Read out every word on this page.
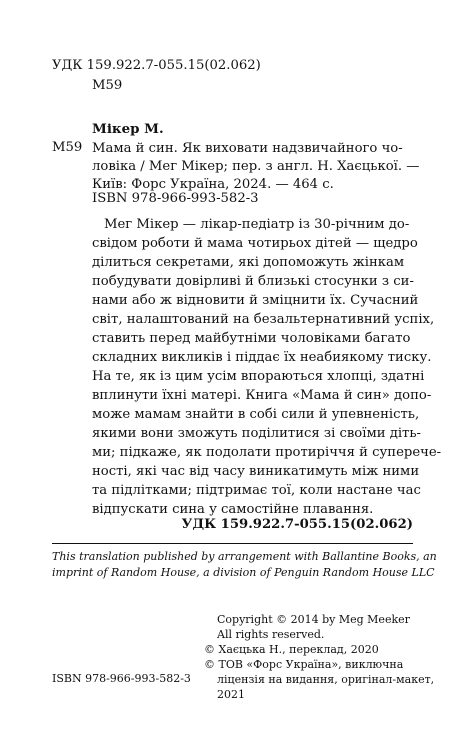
УДК 159.922.7-055.15(02.062)
М59
Мікер М.
М59 Мама й син. Як виховати надзвичайного чо-
ловіка / Мег Мікер; пер. з англ. Н. Хаєцької. —
Київ: Форс Україна, 2024. — 464 с.
ISBN 978-966-993-582-3
Мег Мікер — лікар-педіатр із 30-річним до-
свідом роботи й мама чотирьох дітей — щедро
ділиться секретами, які допоможуть жінкам
побудувати довірливі й близькі стосунки з си-
нами або ж відновити й зміцнити їх. Сучасний
світ, налаштований на безальтернативний успіх,
ставить перед майбутніми чоловіками багато
складних викликів і піддає їх неабиякому тиску.
На те, як із цим усім впораються хлопці, здатні
вплинути їхні матері. Книга «Мама й син» допо-
може мамам знайти в собі сили й упевненість,
якими вони зможуть поділитися зі своїми діть-
ми; підкаже, як подолати протиріччя й суперече-
ності, які час від часу виникатимуть між ними
та підлітками; підтримає тої, коли настане час
відпускати сина у самостійне плавання.
УДК 159.922.7-055.15(02.062)
This translation published by arrangement with Ballantine Books, an
imprint of Random House, a division of Penguin Random House LLC
Copyright © 2014 by Meg Meeker
All rights reserved.
© Хаєцька Н., переклад, 2020
© ТОВ «Форс Україна», виключна
ліцензія на видання, оригінал-макет,
2021
ISBN 978-966-993-582-3
